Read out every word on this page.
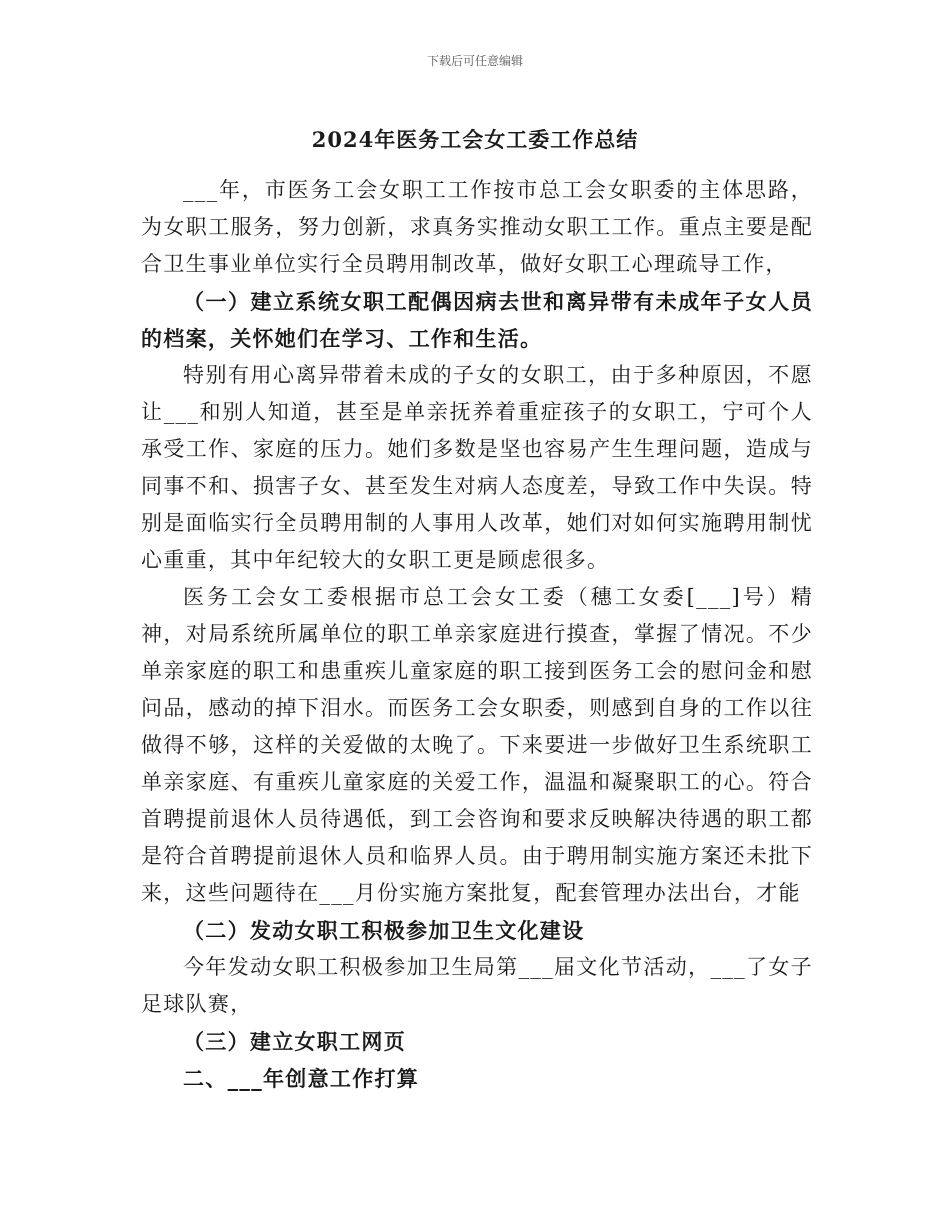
下载后可任意编辑
2024年医务工会女工委工作总结

___年，市医务工会女职工工作按市总工会女职委的主体思路，为女职工服务，努力创新，求真务实推动女职工工作。重点主要是配合卫生事业单位实行全员聘用制改革，做好女职工心理疏导工作，

（一）建立系统女职工配偶因病去世和离异带有未成年子女人员的档案，关怀她们在学习、工作和生活。

特别有用心离异带着未成的子女的女职工，由于多种原因，不愿让___和别人知道，甚至是单亲抚养着重症孩子的女职工，宁可个人承受工作、家庭的压力。她们多数是坚也容易产生生理问题，造成与同事不和、损害子女、甚至发生对病人态度差，导致工作中失误。特别是面临实行全员聘用制的人事用人改革，她们对如何实施聘用制忧心重重，其中年纪较大的女职工更是顾虑很多。

医务工会女工委根据市总工会女工委（穗工女委[___]号）精神，对局系统所属单位的职工单亲家庭进行摸查，掌握了情况。不少单亲家庭的职工和患重疾儿童家庭的职工接到医务工会的慰问金和慰问品，感动的掉下泪水。而医务工会女职委，则感到自身的工作以往做得不够，这样的关爱做的太晚了。下来要进一步做好卫生系统职工单亲家庭、有重疾儿童家庭的关爱工作，温温和凝聚职工的心。符合首聘提前退休人员待遇低，到工会咨询和要求反映解决待遇的职工都是符合首聘提前退休人员和临界人员。由于聘用制实施方案还未批下来，这些问题待在___月份实施方案批复，配套管理办法出台，才能

（二）发动女职工积极参加卫生文化建设

今年发动女职工积极参加卫生局第___届文化节活动，___了女子足球队赛，

（三）建立女职工网页

二、___年创意工作打算
